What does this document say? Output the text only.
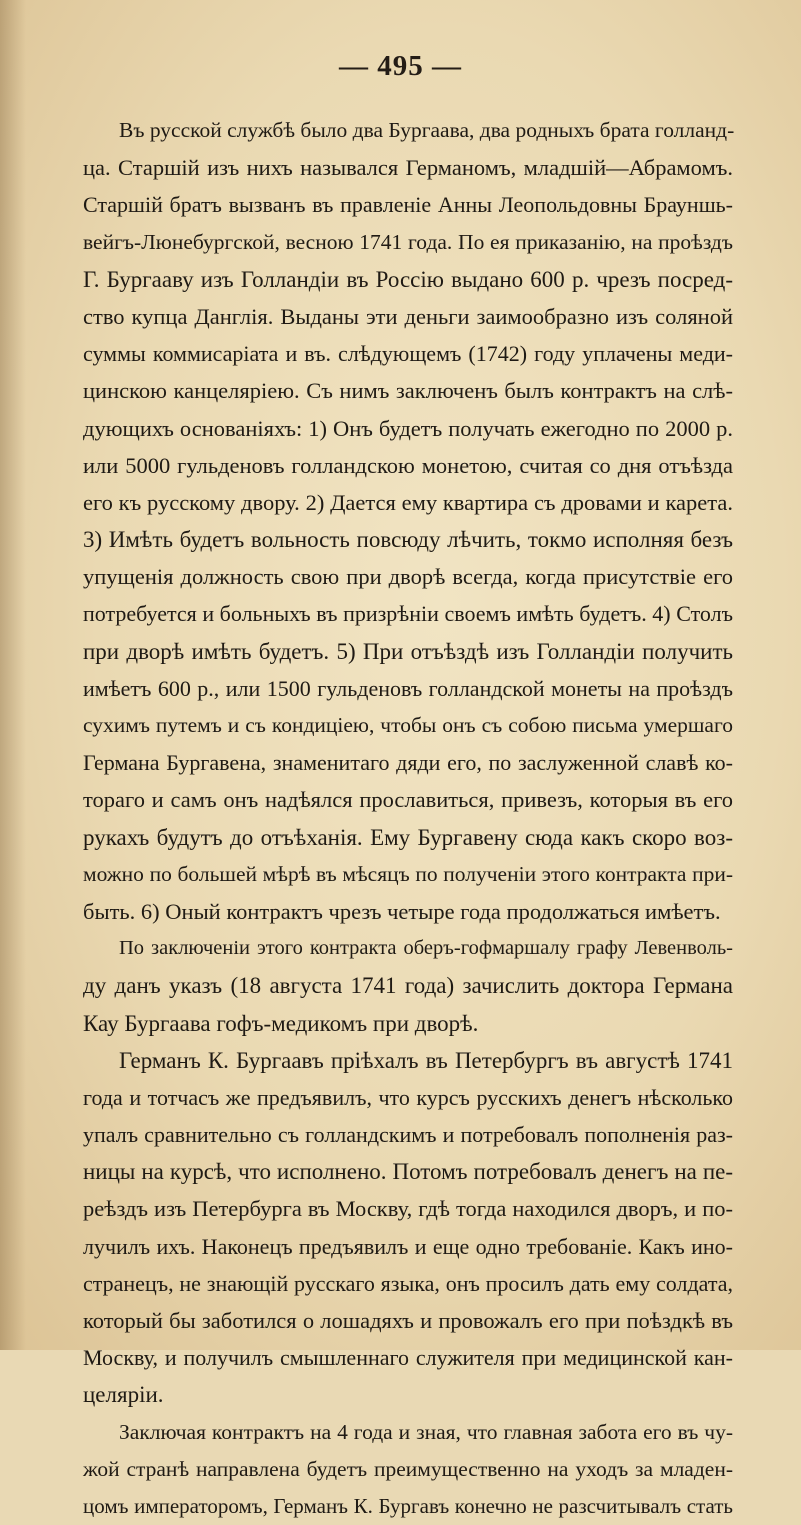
— 495 —
Въ русской службѣ было два Бургаава, два родныхъ брата голланд-
ца. Старшій изъ нихъ назывался Германомъ, младшій—Абрамомъ.
Старшій братъ вызванъ въ правленіе Анны Леопольдовны Брауншь-
вейгъ-Люнебургской, весною 1741 года. По ея приказанію, на проѣздъ
Г. Бургааву изъ Голландіи въ Россію выдано 600 р. чрезъ посред-
ство купца Данглія. Выданы эти деньги заимообразно изъ соляной
суммы коммисаріата и въ. слѣдующемъ (1742) году уплачены меди-
цинскою канцеляріею. Съ нимъ заключенъ былъ контрактъ на слѣ-
дующихъ основаніяхъ: 1) Онъ будетъ получать ежегодно по 2000 р.
или 5000 гульденовъ голландскою монетою, считая со дня отъѣзда
его къ русскому двору. 2) Дается ему квартира съ дровами и карета.
3) Имѣть будетъ вольность повсюду лѣчить, токмо исполняя безъ
упущенія должность свою при дворѣ всегда, когда присутствіе его
потребуется и больныхъ въ призрѣніи своемъ имѣть будетъ. 4) Столъ
при дворѣ имѣть будетъ. 5) При отъѣздѣ изъ Голландіи получить
имѣетъ 600 р., или 1500 гульденовъ голландской монеты на проѣздъ
сухимъ путемъ и съ кондиціею, чтобы онъ съ собою письма умершаго
Германа Бургавена, знаменитаго дяди его, по заслуженной славѣ ко-
тораго и самъ онъ надѣялся прославиться, привезъ, которыя въ его
рукахъ будутъ до отъѣханія. Ему Бургавену сюда какъ скоро воз-
можно по большей мѣрѣ въ мѣсяцъ по полученіи этого контракта при-
быть. 6) Оный контрактъ чрезъ четыре года продолжаться имѣетъ.
По заключеніи этого контракта оберъ-гофмаршалу графу Левенволь-
ду данъ указъ (18 августа 1741 года) зачислить доктора Германа
Кау Бургаава гофъ-медикомъ при дворѣ.
Германъ К. Бургаавъ пріѣхалъ въ Петербургъ въ августѣ 1741
года и тотчасъ же предъявилъ, что курсъ русскихъ денегъ нѣсколько
упалъ сравнительно съ голландскимъ и потребовалъ пополненія раз-
ницы на курсѣ, что исполнено. Потомъ потребовалъ денегъ на пе-
реѣздъ изъ Петербурга въ Москву, гдѣ тогда находился дворъ, и по-
лучилъ ихъ. Наконецъ предъявилъ и еще одно требованіе. Какъ ино-
странецъ, не знающій русскаго языка, онъ просилъ дать ему солдата,
который бы заботился о лошадяхъ и провожалъ его при поѣздкѣ въ
Москву, и получилъ смышленнаго служителя при медицинской кан-
целяріи.
Заключая контрактъ на 4 года и зная, что главная забота его въ чу-
жой странѣ направлена будетъ преимущественно на уходъ за младен-
цомъ императоромъ, Германъ К. Бургавъ конечно не разсчитывалъ стать
